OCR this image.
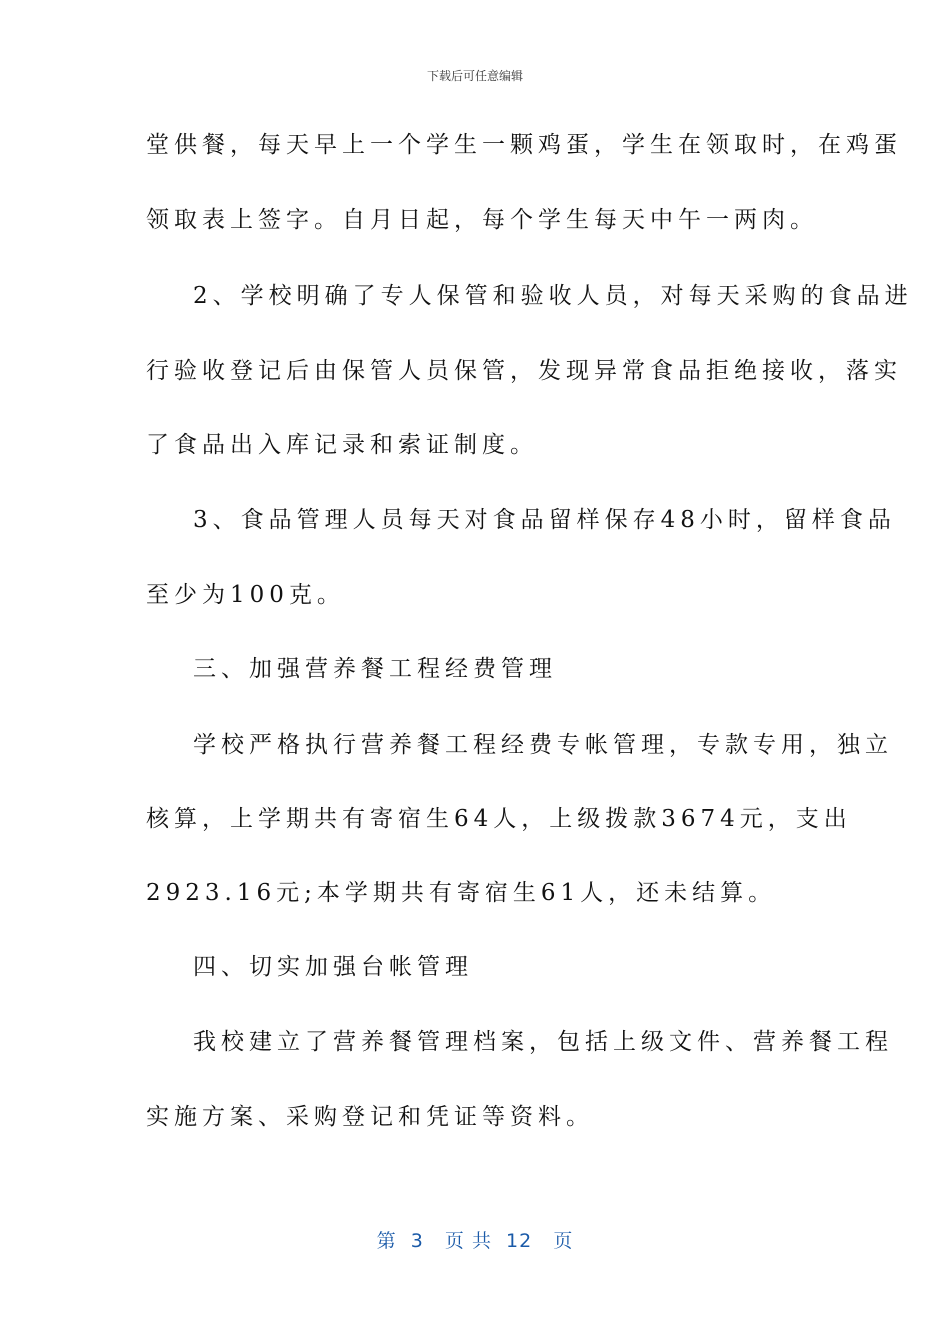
下载后可任意编辑
堂供餐，每天早上一个学生一颗鸡蛋，学生在领取时，在鸡蛋
领取表上签字。自月日起，每个学生每天中午一两肉。
2、学校明确了专人保管和验收人员，对每天采购的食品进
行验收登记后由保管人员保管，发现异常食品拒绝接收，落实
了食品出入库记录和索证制度。
3、食品管理人员每天对食品留样保存48小时，留样食品
至少为100克。
三、加强营养餐工程经费管理
学校严格执行营养餐工程经费专帐管理，专款专用，独立
核算，上学期共有寄宿生64人，上级拨款3674元，支出
2923.16元;本学期共有寄宿生61人，还未结算。
四、切实加强台帐管理
我校建立了营养餐管理档案，包括上级文件、营养餐工程
实施方案、采购登记和凭证等资料。
第  3   页 共  12   页
